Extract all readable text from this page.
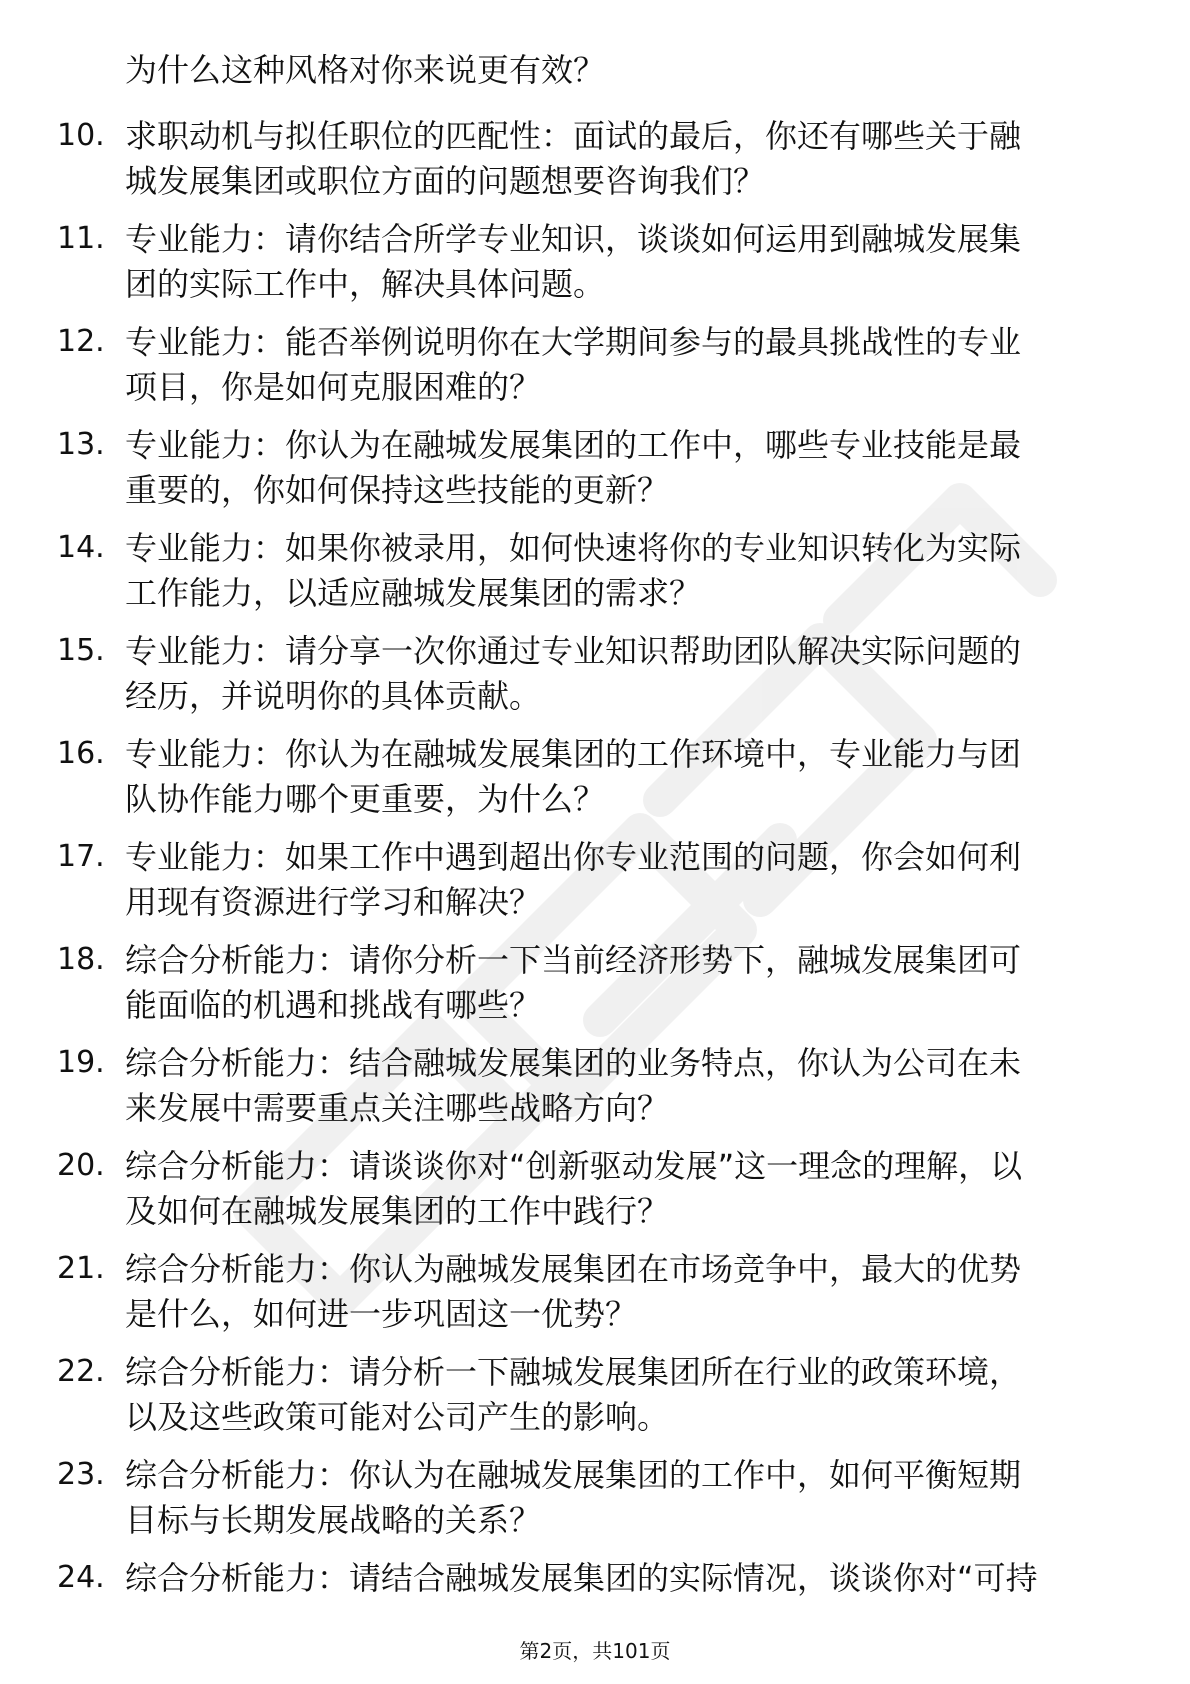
为什么这种风格对你来说更有效？
10. 求职动机与拟任职位的匹配性：面试的最后，你还有哪些关于融
城发展集团或职位方面的问题想要咨询我们？
11. 专业能力：请你结合所学专业知识，谈谈如何运用到融城发展集
团的实际工作中，解决具体问题。
12. 专业能力：能否举例说明你在大学期间参与的最具挑战性的专业
项目，你是如何克服困难的？
13. 专业能力：你认为在融城发展集团的工作中，哪些专业技能是最
重要的，你如何保持这些技能的更新？
14. 专业能力：如果你被录用，如何快速将你的专业知识转化为实际
工作能力，以适应融城发展集团的需求？
15. 专业能力：请分享一次你通过专业知识帮助团队解决实际问题的
经历，并说明你的具体贡献。
16. 专业能力：你认为在融城发展集团的工作环境中，专业能力与团
队协作能力哪个更重要，为什么？
17. 专业能力：如果工作中遇到超出你专业范围的问题，你会如何利
用现有资源进行学习和解决？
18. 综合分析能力：请你分析一下当前经济形势下，融城发展集团可
能面临的机遇和挑战有哪些？
19. 综合分析能力：结合融城发展集团的业务特点，你认为公司在未
来发展中需要重点关注哪些战略方向？
20. 综合分析能力：请谈谈你对“创新驱动发展”这一理念的理解，以
及如何在融城发展集团的工作中践行？
21. 综合分析能力：你认为融城发展集团在市场竞争中，最大的优势
是什么，如何进一步巩固这一优势？
22. 综合分析能力：请分析一下融城发展集团所在行业的政策环境，
以及这些政策可能对公司产生的影响。
23. 综合分析能力：你认为在融城发展集团的工作中，如何平衡短期
目标与长期发展战略的关系？
24. 综合分析能力：请结合融城发展集团的实际情况，谈谈你对“可持
第2页，共101页
